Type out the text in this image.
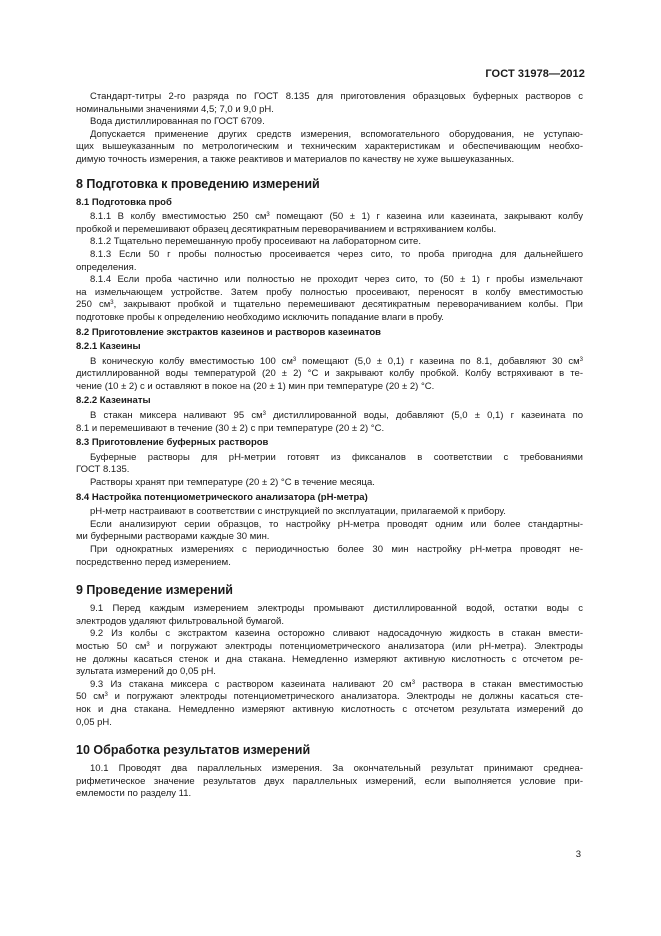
ГОСТ 31978—2012
Стандарт-титры 2-го разряда по ГОСТ 8.135 для приготовления образцовых буферных растворов с
номинальными значениями 4,5; 7,0 и 9,0 pH.
Вода дистиллированная по ГОСТ 6709.
Допускается применение других средств измерения, вспомогательного оборудования, не уступаю-
щих вышеуказанным по метрологическим и техническим характеристикам и обеспечивающим необхо-
димую точность измерения, а также реактивов и материалов по качеству не хуже вышеуказанных.
8 Подготовка к проведению измерений
8.1 Подготовка проб
8.1.1 В колбу вместимостью 250 $см^3$ помещают (50 ± 1) г казеина или казеината, закрывают колбу
пробкой и перемешивают образец десятикратным переворачиванием и встряхиванием колбы.
8.1.2 Тщательно перемешанную пробу просеивают на лабораторном сите.
8.1.3 Если 50 г пробы полностью просеивается через сито, то проба пригодна для дальнейшего
определения.
8.1.4 Если проба частично или полностью не проходит через сито, то (50 ± 1) г пробы измельчают
на измельчающем устройстве. Затем пробу полностью просеивают, переносят в колбу вместимостью
250 $см^3$, закрывают пробкой и тщательно перемешивают десятикратным переворачиванием колбы. При
подготовке пробы к определению необходимо исключить попадание влаги в пробу.
8.2 Приготовление экстрактов казеинов и растворов казеинатов
8.2.1 Казеины
В коническую колбу вместимостью 100 $см^3$ помещают (5,0 ± 0,1) г казеина по 8.1, добавляют 30 $см^3$
дистиллированной воды температурой (20 ± 2) °С и закрывают колбу пробкой. Колбу встряхивают в те-
чение (10 ± 2) с и оставляют в покое на (20 ± 1) мин при температуре (20 ± 2) °С.
8.2.2 Казеинаты
В стакан миксера наливают 95 $см^3$ дистиллированной воды, добавляют (5,0 ± 0,1) г казеината по
8.1 и перемешивают в течение (30 ± 2) с при температуре (20 ± 2) °С.
8.3 Приготовление буферных растворов
Буферные растворы для рН-метрии готовят из фиксаналов в соответствии с требованиями
ГОСТ 8.135.
Растворы хранят при температуре (20 ± 2) °С в течение месяца.
8.4 Настройка потенциометрического анализатора (рН-метра)
рН-метр настраивают в соответствии с инструкцией по эксплуатации, прилагаемой к прибору.
Если анализируют серии образцов, то настройку рН-метра проводят одним или более стандартны-
ми буферными растворами каждые 30 мин.
При однократных измерениях с периодичностью более 30 мин настройку рН-метра проводят не-
посредственно перед измерением.
9 Проведение измерений
9.1 Перед каждым измерением электроды промывают дистиллированной водой, остатки воды с
электродов удаляют фильтровальной бумагой.
9.2 Из колбы с экстрактом казеина осторожно сливают надосадочную жидкость в стакан вмести-
мостью 50 $см^3$ и погружают электроды потенциометрического анализатора (или рН-метра). Электроды
не должны касаться стенок и дна стакана. Немедленно измеряют активную кислотность с отсчетом ре-
зультата измерений до 0,05 рН.
9.3 Из стакана миксера с раствором казеината наливают 20 $см^3$ раствора в стакан вместимостью
50 $см^3$ и погружают электроды потенциометрического анализатора. Электроды не должны касаться сте-
нок и дна стакана. Немедленно измеряют активную кислотность с отсчетом результата измерений до
0,05 рН.
10 Обработка результатов измерений
10.1 Проводят два параллельных измерения. За окончательный результат принимают среднеа-
рифметическое значение результатов двух параллельных измерений, если выполняется условие при-
емлемости по разделу 11.
3
